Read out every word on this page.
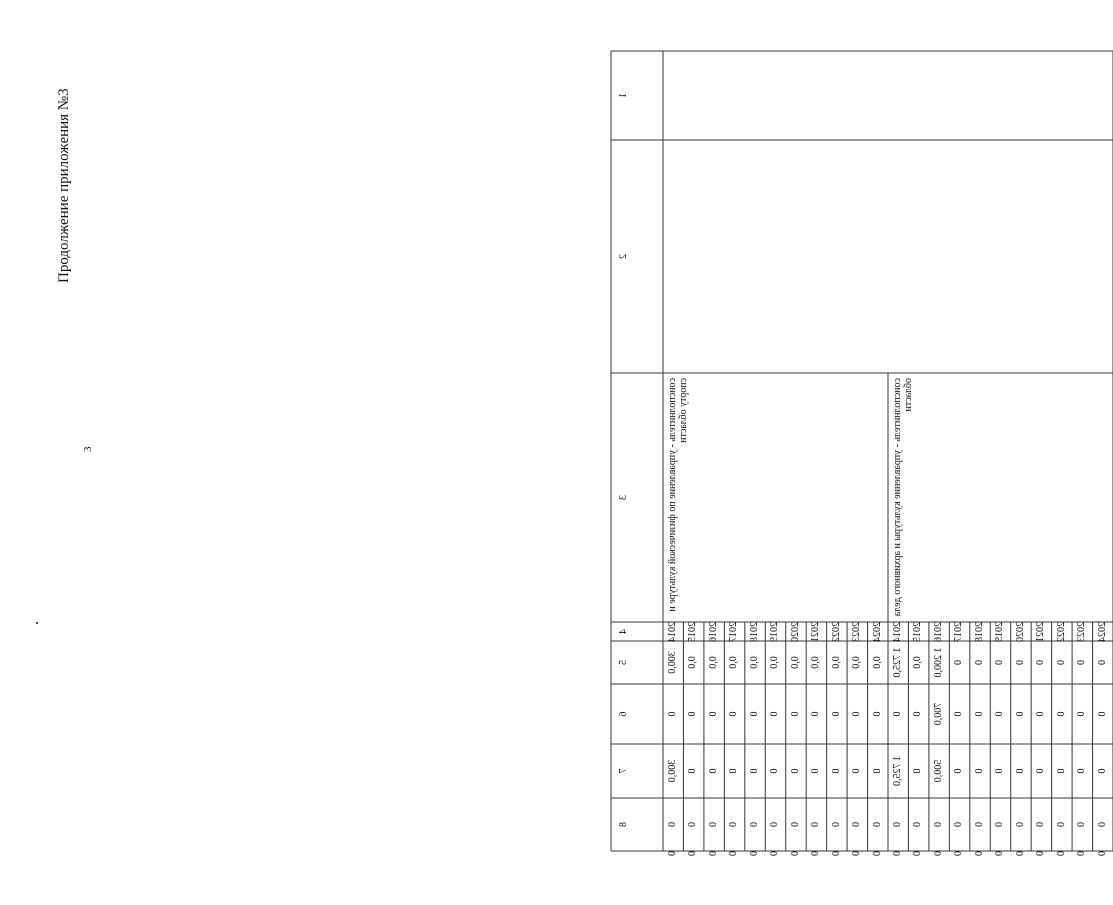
3
Продолжение приложения №3	1
2
3
4
5
6
7
8
соисполнитель - управление по физической культуре и спорту области
2014
300,0
0
300,0
0
0
2015
0,0
0
0
0
0
2016
0,0
0
0
0
0
2017
0,0
0
0
0
0
2018
0,0
0
0
0
0
2019
0,0
0
0
0
0
2020
0,0
0
0
0
0
2021
0,0
0
0
0
0
2022
0,0
0
0
0
0
2023
0,0
0
0
0
0
2024
0,0
0
0
0
0
соисполнитель - управление культуры и архивного дела области
2014
1 725,0
0
1 725,0
0
0
2015
0,0
0
0
0
0
2016
1 200,0
700,0
500,0
0
0
2017
0
0
0
0
0
2018
0
0
0
0
0
2019
0
0
0
0
0
2020
0
0
0
0
0
2021
0
0
0
0
0
2022
0
0
0
0
0
2023
0
0
0
0
0
2024
0
0
0
0
0
